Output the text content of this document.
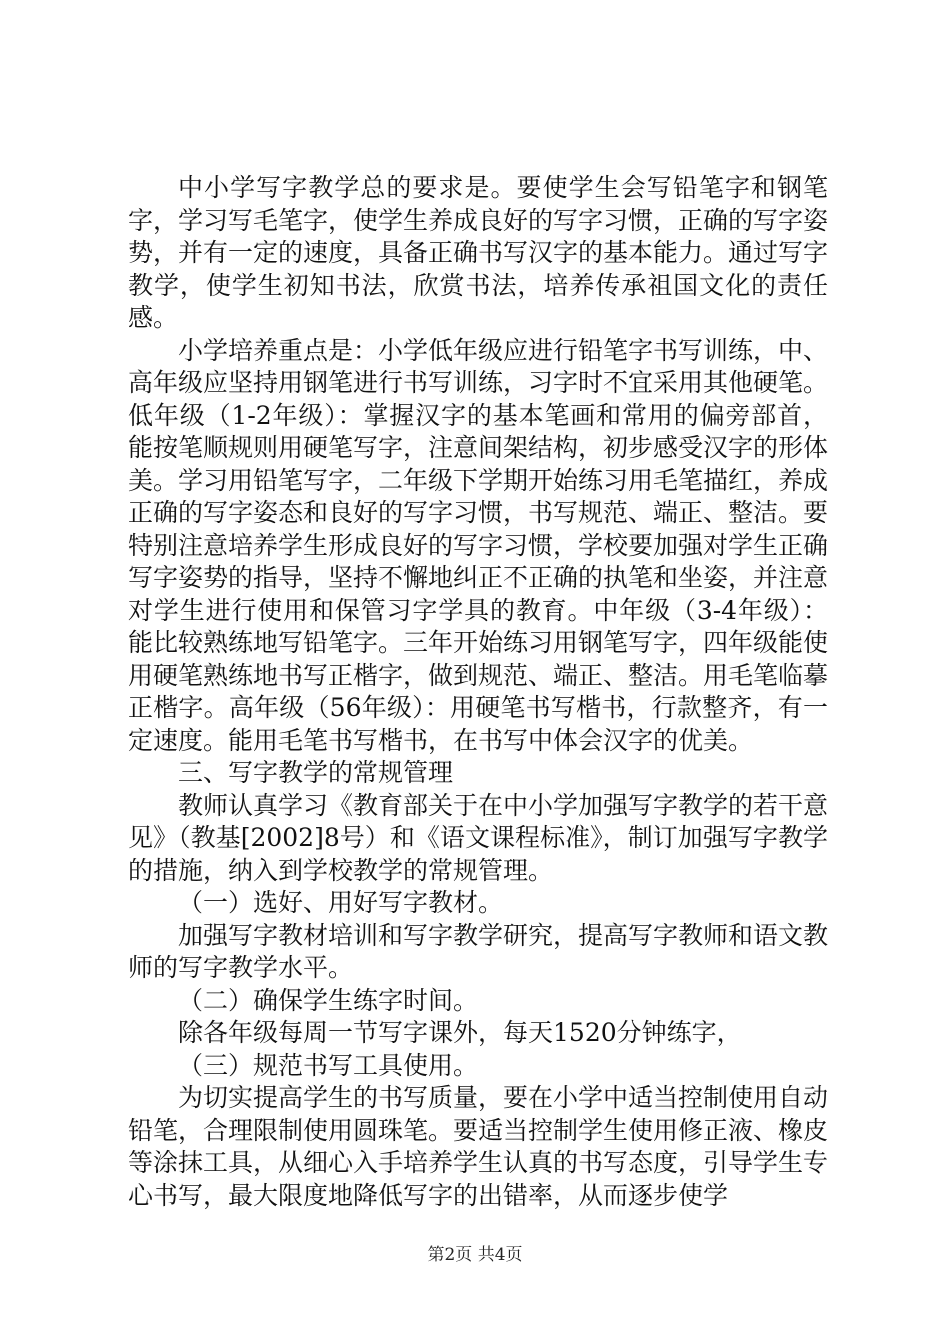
中小学写字教学总的要求是。要使学生会写铅笔字和钢笔字，学习写毛笔字，使学生养成良好的写字习惯，正确的写字姿势，并有一定的速度，具备正确书写汉字的基本能力。通过写字教学，使学生初知书法，欣赏书法，培养传承祖国文化的责任感。

小学培养重点是：小学低年级应进行铅笔字书写训练，中、高年级应坚持用钢笔进行书写训练，习字时不宜采用其他硬笔。低年级（1-2年级）：掌握汉字的基本笔画和常用的偏旁部首，能按笔顺规则用硬笔写字，注意间架结构，初步感受汉字的形体美。学习用铅笔写字，二年级下学期开始练习用毛笔描红，养成正确的写字姿态和良好的写字习惯，书写规范、端正、整洁。要特别注意培养学生形成良好的写字习惯，学校要加强对学生正确写字姿势的指导，坚持不懈地纠正不正确的执笔和坐姿，并注意对学生进行使用和保管习字学具的教育。中年级（3-4年级）：能比较熟练地写铅笔字。三年开始练习用钢笔写字，四年级能使用硬笔熟练地书写正楷字，做到规范、端正、整洁。用毛笔临摹正楷字。高年级（56年级）：用硬笔书写楷书，行款整齐，有一定速度。能用毛笔书写楷书，在书写中体会汉字的优美。

三、写字教学的常规管理

教师认真学习《教育部关于在中小学加强写字教学的若干意见》（教基[2002]8号）和《语文课程标准》，制订加强写字教学的措施，纳入到学校教学的常规管理。

（一）选好、用好写字教材。

加强写字教材培训和写字教学研究，提高写字教师和语文教师的写字教学水平。

（二）确保学生练字时间。

除各年级每周一节写字课外，每天1520分钟练字，

（三）规范书写工具使用。

为切实提高学生的书写质量，要在小学中适当控制使用自动铅笔，合理限制使用圆珠笔。要适当控制学生使用修正液、橡皮等涂抹工具，从细心入手培养学生认真的书写态度，引导学生专心书写，最大限度地降低写字的出错率，从而逐步使学

第2页 共4页
